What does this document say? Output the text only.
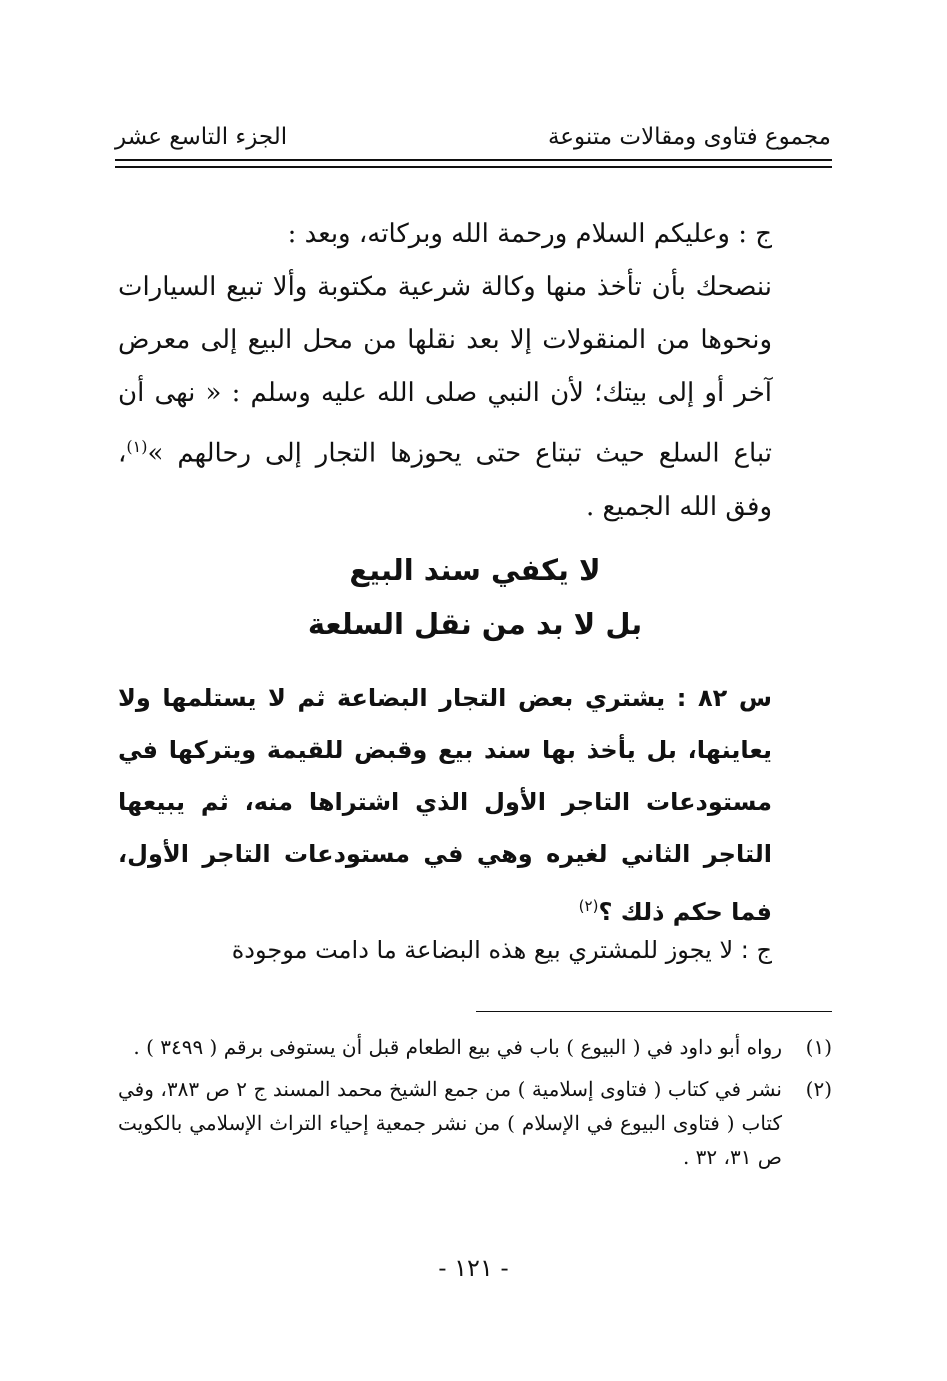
مجموع فتاوى ومقالات متنوعة
الجزء التاسع عشر

ج : وعليكم السلام ورحمة الله وبركاته، وبعد :

ننصحك بأن تأخذ منها وكالة شرعية مكتوبة وألا تبيع السيارات ونحوها من المنقولات إلا بعد نقلها من محل البيع إلى معرض آخر أو إلى بيتك؛ لأن النبي صلى الله عليه وسلم : « نهى أن تباع السلع حيث تبتاع حتى يحوزها التجار إلى رحالهم »$^{(١)}$، وفق الله الجميع .

لا يكفي سند البيع
بل لا بد من نقل السلعة

س ٨٢ : يشتري بعض التجار البضاعة ثم لا يستلمها ولا يعاينها، بل يأخذ بها سند بيع وقبض للقيمة ويتركها في مستودعات التاجر الأول الذي اشتراها منه، ثم يبيعها التاجر الثاني لغيره وهي في مستودعات التاجر الأول، فما حكم ذلك ؟$^{(٢)}$

ج : لا يجوز للمشتري بيع هذه البضاعة ما دامت موجودة

(١)
رواه أبو داود في ( البيوع ) باب في بيع الطعام قبل أن يستوفى برقم ( ٣٤٩٩ ) .
(٢)
نشر في كتاب ( فتاوى إسلامية ) من جمع الشيخ محمد المسند ج ٢ ص ٣٨٣، وفي كتاب ( فتاوى البيوع في الإسلام ) من نشر جمعية إحياء التراث الإسلامي بالكويت ص ٣١، ٣٢ .
- ١٢١ -
